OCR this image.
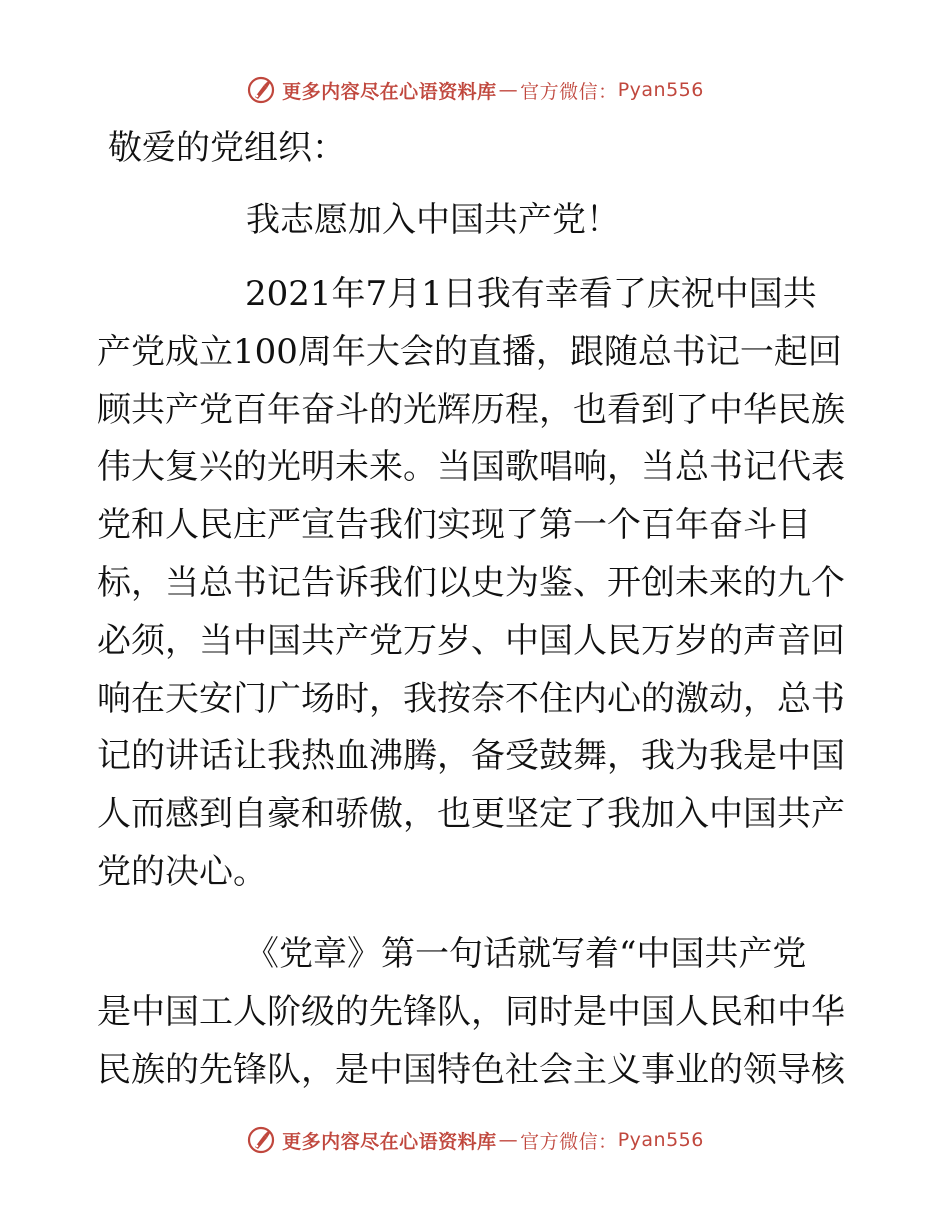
更多内容尽在心语资料库 — 官方微信： Pyan556
敬爱的党组织：
我志愿加入中国共产党！
2021年7月1日我有幸看了庆祝中国共
产党成立100周年大会的直播，跟随总书记一起回
顾共产党百年奋斗的光辉历程，也看到了中华民族
伟大复兴的光明未来。当国歌唱响，当总书记代表
党和人民庄严宣告我们实现了第一个百年奋斗目
标，当总书记告诉我们以史为鉴、开创未来的九个
必须，当中国共产党万岁、中国人民万岁的声音回
响在天安门广场时，我按奈不住内心的激动，总书
记的讲话让我热血沸腾，备受鼓舞，我为我是中国
人而感到自豪和骄傲，也更坚定了我加入中国共产
党的决心。
《党章》第一句话就写着“中国共产党
是中国工人阶级的先锋队，同时是中国人民和中华
民族的先锋队，是中国特色社会主义事业的领导核
更多内容尽在心语资料库 — 官方微信： Pyan556
